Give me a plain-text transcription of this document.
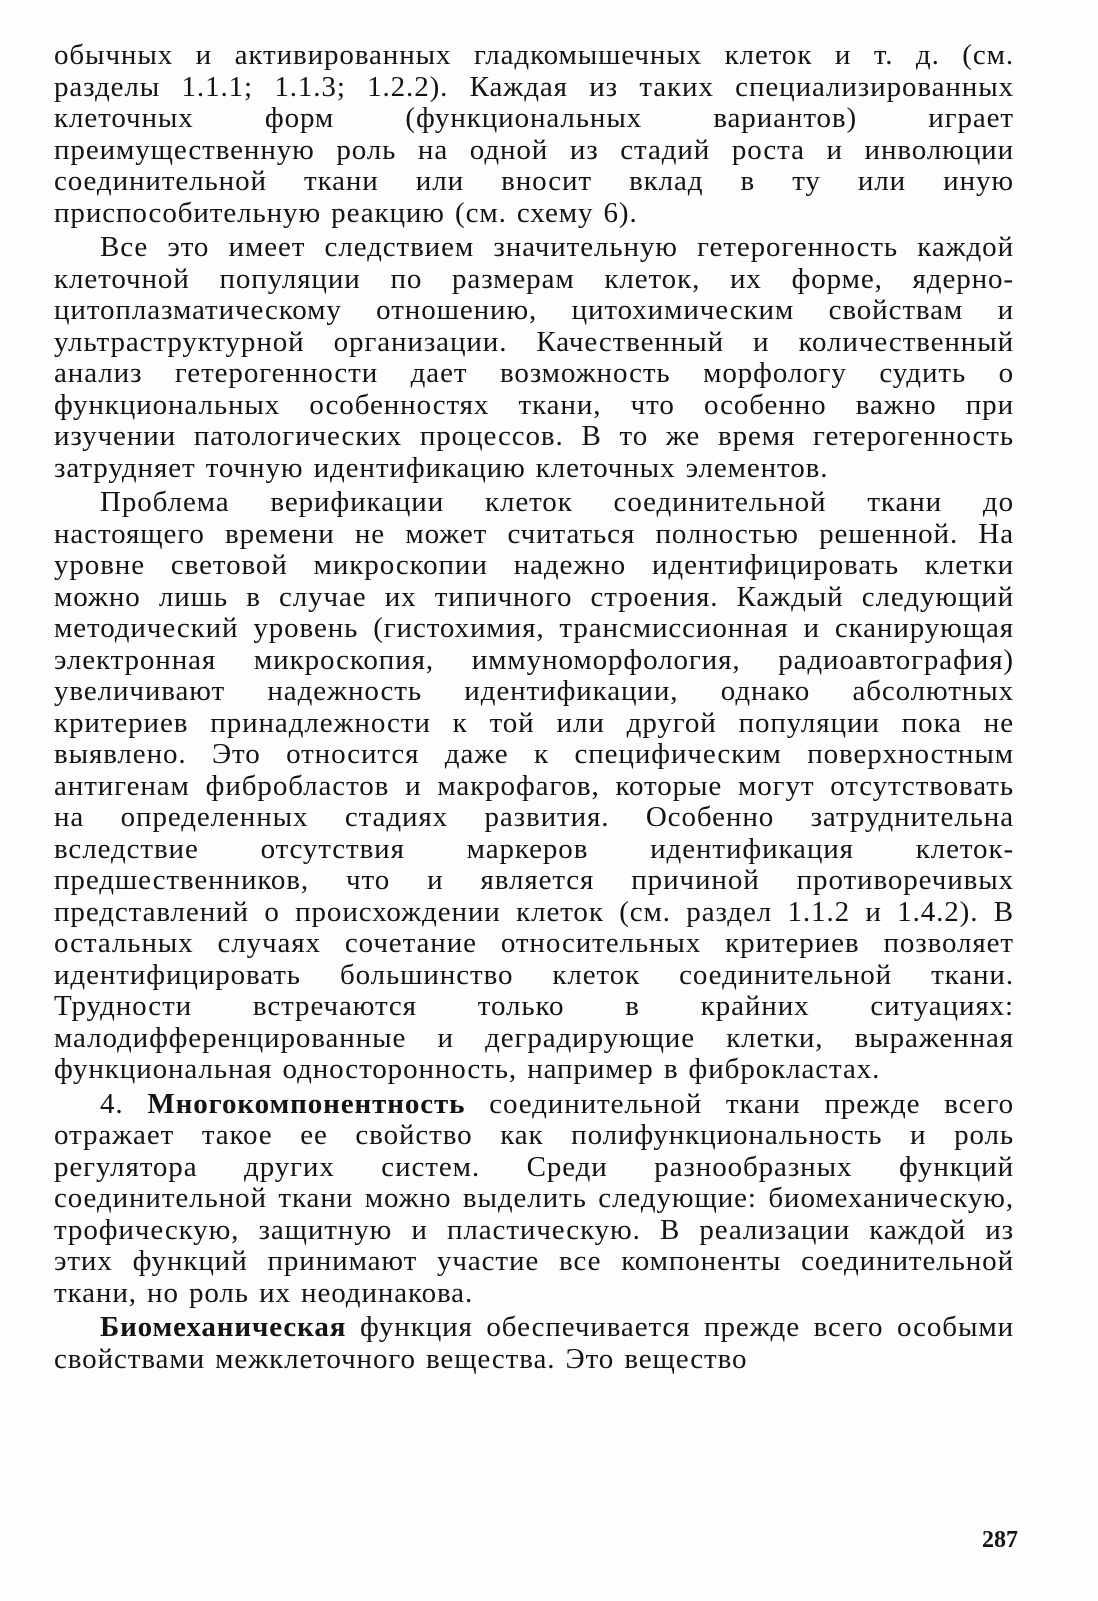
обычных и активированных гладкомышечных клеток и т. д. (см. разделы 1.1.1; 1.1.3; 1.2.2). Каждая из таких специализированных клеточных форм (функциональных вариантов) играет преимущественную роль на одной из стадий роста и инволюции соединительной ткани или вносит вклад в ту или иную приспособительную реакцию (см. схему 6).

Все это имеет следствием значительную гетерогенность каждой клеточной популяции по размерам клеток, их форме, ядерно-цитоплазматическому отношению, цитохимическим свойствам и ультраструктурной организации. Качественный и количественный анализ гетерогенности дает возможность морфологу судить о функциональных особенностях ткани, что особенно важно при изучении патологических процессов. В то же время гетерогенность затрудняет точную идентификацию клеточных элементов.

Проблема верификации клеток соединительной ткани до настоящего времени не может считаться полностью решенной. На уровне световой микроскопии надежно идентифицировать клетки можно лишь в случае их типичного строения. Каждый следующий методический уровень (гистохимия, трансмиссионная и сканирующая электронная микроскопия, иммуноморфология, радиоавтография) увеличивают надежность идентификации, однако абсолютных критериев принадлежности к той или другой популяции пока не выявлено. Это относится даже к специфическим поверхностным антигенам фибробластов и макрофагов, которые могут отсутствовать на определенных стадиях развития. Особенно затруднительна вследствие отсутствия маркеров идентификация клеток-предшественников, что и является причиной противоречивых представлений о происхождении клеток (см. раздел 1.1.2 и 1.4.2). В остальных случаях сочетание относительных критериев позволяет идентифицировать большинство клеток соединительной ткани. Трудности встречаются только в крайних ситуациях: малодифференцированные и деградирующие клетки, выраженная функциональная односторонность, например в фиброкластах.

4. Многокомпонентность соединительной ткани прежде всего отражает такое ее свойство как полифункциональность и роль регулятора других систем. Среди разнообразных функций соединительной ткани можно выделить следующие: биомеханическую, трофическую, защитную и пластическую. В реализации каждой из этих функций принимают участие все компоненты соединительной ткани, но роль их неодинакова.

Биомеханическая функция обеспечивается прежде всего особыми свойствами межклеточного вещества. Это вещество

287
